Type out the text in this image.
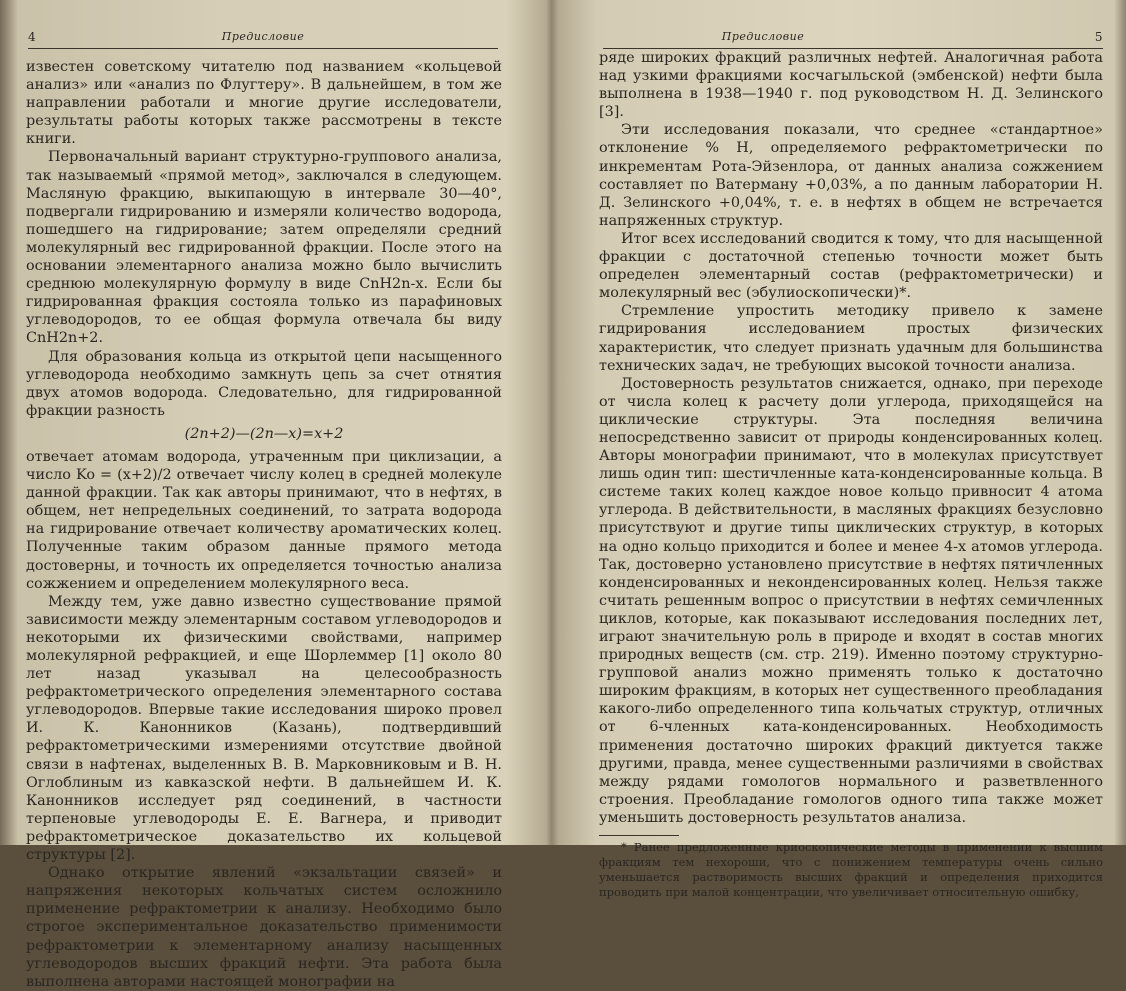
4	Предисловие

известен советскому читателю под названием «кольцевой анализ» или «анализ по Флугтеру». В дальнейшем, в том же направлении работали и многие другие исследователи, результаты работы которых также рассмотрены в тексте книги.

Первоначальный вариант структурно-группового анализа, так называемый «прямой метод», заключался в следующем. Масляную фракцию, выкипающую в интервале 30—40°, подвергали гидрированию и измеряли количество водорода, пошедшего на гидрирование; затем определяли средний молекулярный вес гидрированной фракции. После этого на основании элементарного анализа можно было вычислить среднюю молекулярную формулу в виде CnH2n-x. Если бы гидрированная фракция состояла только из парафиновых углеводородов, то ее общая формула отвечала бы виду CnH2n+2.

Для образования кольца из открытой цепи насыщенного углеводорода необходимо замкнуть цепь за счет отнятия двух атомов водорода. Следовательно, для гидрированной фракции разность

(2n+2)—(2n—x)=x+2

отвечает атомам водорода, утраченным при циклизации, а число Ko = (x+2)/2 отвечает числу колец в средней молекуле данной фракции. Так как авторы принимают, что в нефтях, в общем, нет непредельных соединений, то затрата водорода на гидрирование отвечает количеству ароматических колец. Полученные таким образом данные прямого метода достоверны, и точность их определяется точностью анализа сожжением и определением молекулярного веса.

Между тем, уже давно известно существование прямой зависимости между элементарным составом углеводородов и некоторыми их физическими свойствами, например молекулярной рефракцией, и еще Шорлеммер [1] около 80 лет назад указывал на целесообразность рефрактометрического определения элементарного состава углеводородов. Впервые такие исследования широко провел И. К. Канонников (Казань), подтвердивший рефрактометрическими измерениями отсутствие двойной связи в нафтенах, выделенных В. В. Марковниковым и В. Н. Оглоблиным из кавказской нефти. В дальнейшем И. К. Канонников исследует ряд соединений, в частности терпеновые углеводороды Е. Е. Вагнера, и приводит рефрактометрическое доказательство их кольцевой структуры [2].

Однако открытие явлений «экзальтации связей» и напряжения некоторых кольчатых систем осложнило применение рефрактометрии к анализу. Необходимо было строгое экспериментальное доказательство применимости рефрактометрии к элементарному анализу насыщенных углеводородов высших фракций нефти. Эта работа была выполнена авторами настоящей монографии на

Предисловие	5

ряде широких фракций различных нефтей. Аналогичная работа над узкими фракциями косчагыльской (эмбенской) нефти была выполнена в 1938—1940 г. под руководством Н. Д. Зелинского [3].

Эти исследования показали, что среднее «стандартное» отклонение % H, определяемого рефрактометрически по инкрементам Рота-Эйзенлора, от данных анализа сожжением составляет по Ватерману +0,03%, а по данным лаборатории Н. Д. Зелинского +0,04%, т. е. в нефтях в общем не встречается напряженных структур.

Итог всех исследований сводится к тому, что для насыщенной фракции с достаточной степенью точности может быть определен элементарный состав (рефрактометрически) и молекулярный вес (эбулиоскопически)*.

Стремление упростить методику привело к замене гидрирования исследованием простых физических характеристик, что следует признать удачным для большинства технических задач, не требующих высокой точности анализа.

Достоверность результатов снижается, однако, при переходе от числа колец к расчету доли углерода, приходящейся на циклические структуры. Эта последняя величина непосредственно зависит от природы конденсированных колец. Авторы монографии принимают, что в молекулах присутствует лишь один тип: шестичленные ката-конденсированные кольца. В системе таких колец каждое новое кольцо привносит 4 атома углерода. В действительности, в масляных фракциях безусловно присутствуют и другие типы циклических структур, в которых на одно кольцо приходится и более и менее 4-х атомов углерода. Так, достоверно установлено присутствие в нефтях пятичленных конденсированных и неконденсированных колец. Нельзя также считать решенным вопрос о присутствии в нефтях семичленных циклов, которые, как показывают исследования последних лет, играют значительную роль в природе и входят в состав многих природных веществ (см. стр. 219). Именно поэтому структурно-групповой анализ можно применять только к достаточно широким фракциям, в которых нет существенного преобладания какого-либо определенного типа кольчатых структур, отличных от 6-членных ката-конденсированных. Необходимость применения достаточно широких фракций диктуется также другими, правда, менее существенными различиями в свойствах между рядами гомологов нормального и разветвленного строения. Преобладание гомологов одного типа также может уменьшить достоверность результатов анализа.

* Ранее предложенные криоскопические методы в применении к высшим фракциям тем нехороши, что с понижением температуры очень сильно уменьшается растворимость высших фракций и определения приходится проводить при малой концентрации, что увеличивает относительную ошибку,
